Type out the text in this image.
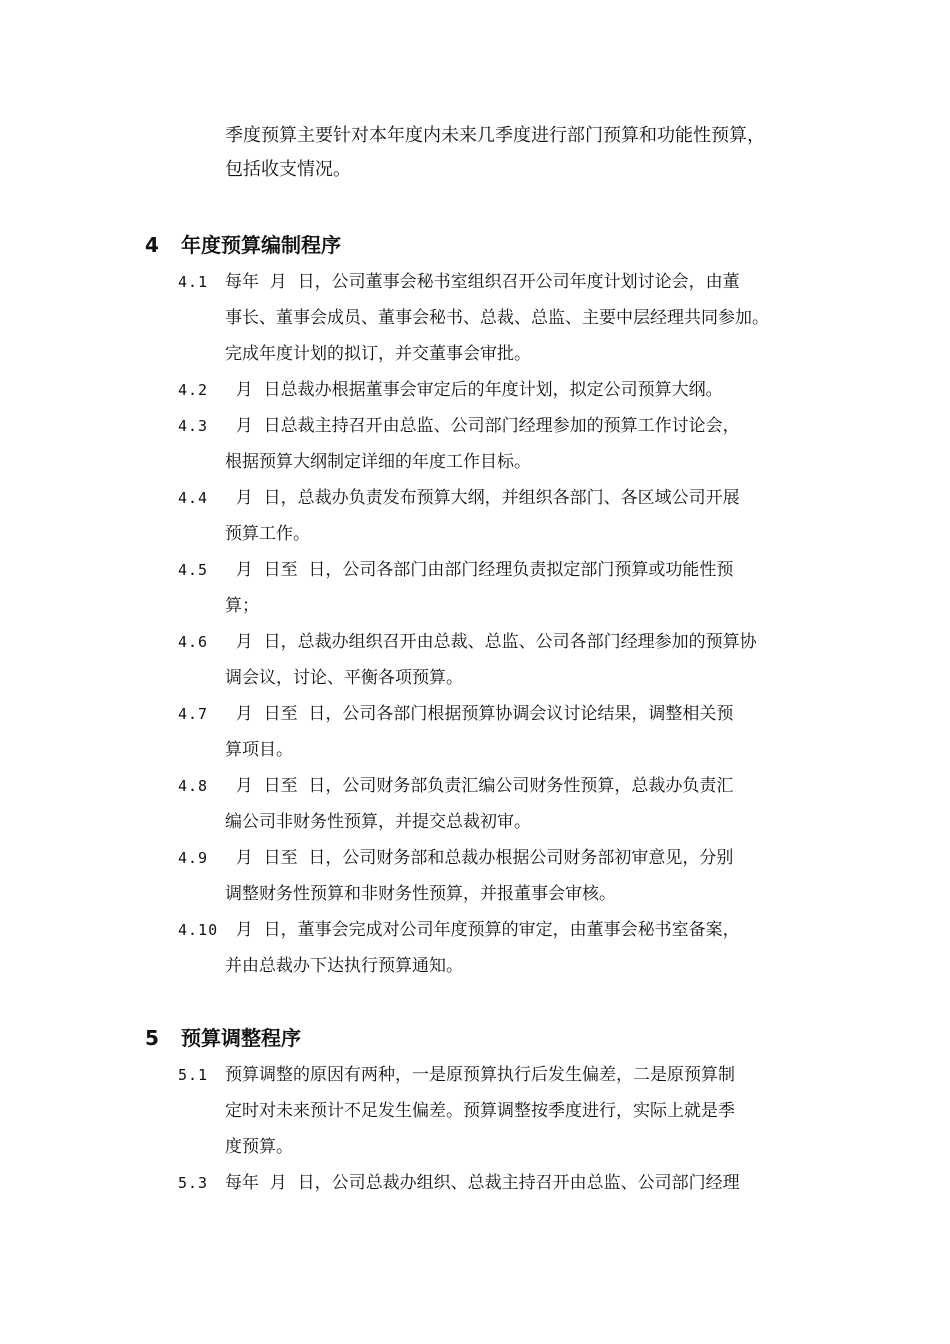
季度预算主要针对本年度内未来几季度进行部门预算和功能性预算，
包括收支情况。
4 年度预算编制程序
4.1 每年  月  日，公司董事会秘书室组织召开公司年度计划讨论会，由董
事长、董事会成员、董事会秘书、总裁、总监、主要中层经理共同参加。
完成年度计划的拟订，并交董事会审批。
4.2 月  日总裁办根据董事会审定后的年度计划，拟定公司预算大纲。
4.3 月  日总裁主持召开由总监、公司部门经理参加的预算工作讨论会，
根据预算大纲制定详细的年度工作目标。
4.4 月  日，总裁办负责发布预算大纲，并组织各部门、各区域公司开展
预算工作。
4.5 月  日至  日，公司各部门由部门经理负责拟定部门预算或功能性预
算；
4.6 月  日，总裁办组织召开由总裁、总监、公司各部门经理参加的预算协
调会议，讨论、平衡各项预算。
4.7 月  日至  日，公司各部门根据预算协调会议讨论结果，调整相关预
算项目。
4.8 月  日至  日，公司财务部负责汇编公司财务性预算，总裁办负责汇
编公司非财务性预算，并提交总裁初审。
4.9 月  日至  日，公司财务部和总裁办根据公司财务部初审意见，分别
调整财务性预算和非财务性预算，并报董事会审核。
4.10 月  日，董事会完成对公司年度预算的审定，由董事会秘书室备案，
并由总裁办下达执行预算通知。
5 预算调整程序
5.1 预算调整的原因有两种，一是原预算执行后发生偏差，二是原预算制
定时对未来预计不足发生偏差。预算调整按季度进行，实际上就是季
度预算。
5.3 每年  月  日，公司总裁办组织、总裁主持召开由总监、公司部门经理
